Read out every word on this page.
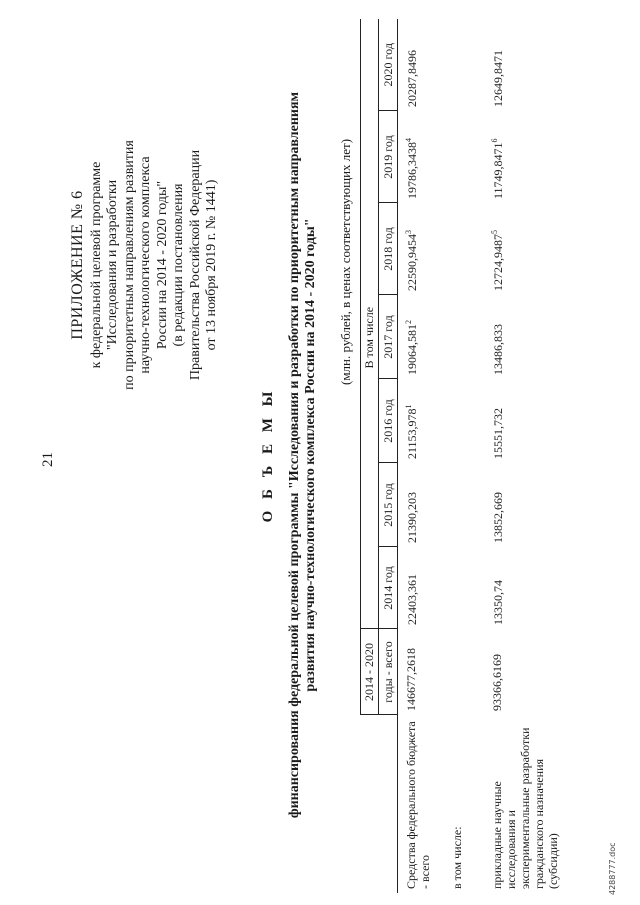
21
ПРИЛОЖЕНИЕ № 6 к федеральной целевой программе "Исследования и разработки по приоритетным направлениям развития научно-технологического комплекса России на 2014 - 2020 годы" (в редакции постановления Правительства Российской Федерации от 13 ноября 2019 г. № 1441)
О Б Ъ Е М Ы финансирования федеральной целевой программы "Исследования и разработки по приоритетным направлениям развития научно-технологического комплекса России на 2014 - 2020 годы" (млн. рублей, в ценах соответствующих лет)
	2014 - 2020	В том числе						
	годы - всего	2014 год	2015 год	2016 год	2017 год	2018 год	2019 год	2020 год
Средства федерального бюджета - всего	146677,2618	22403,361	21390,203	21153,978$^1$	19064,581$^2$	22590,9454$^3$	19786,3438$^4$	20287,8496
в том числе:								
прикладные научные исследования и экспериментальные разработки гражданского назначения (субсидии)	93366,6169	13350,74	13852,669	15551,732	13486,833	12724,9487$^5$	11749,8471$^6$	12649,8471
4288777.doc
